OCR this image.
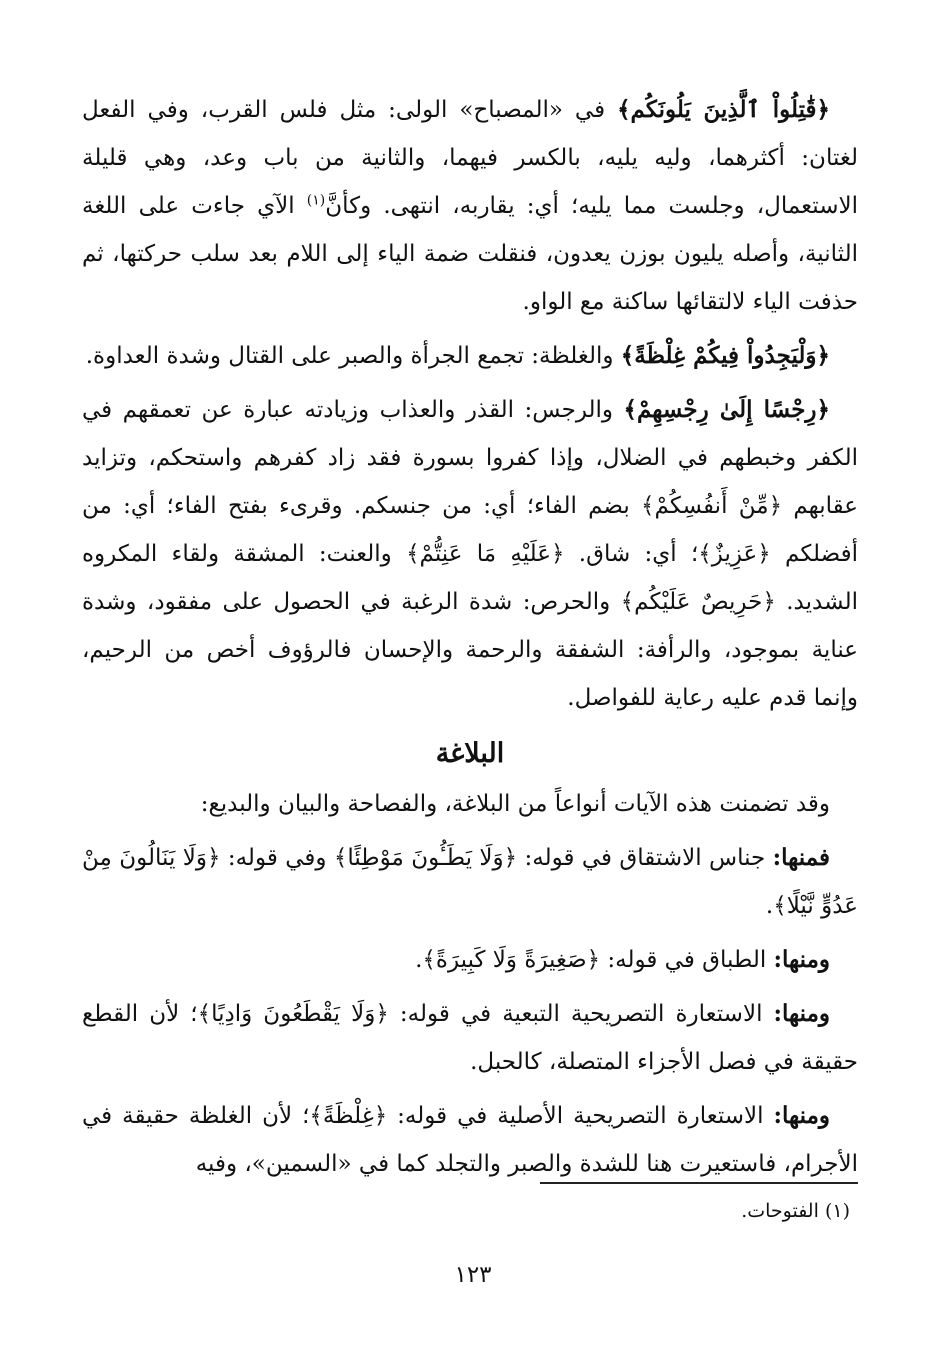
﴿قَٰتِلُواْ ٱلَّذِينَ يَلُونَكُم﴾ في «المصباح» الولى: مثل فلس القرب، وفي الفعل لغتان: أكثرهما، وليه يليه، بالكسر فيهما، والثانية من باب وعد، وهي قليلة الاستعمال، وجلست مما يليه؛ أي: يقاربه، انتهى. وكأنَّ$^{(١)}$ الآي جاءت على اللغة الثانية، وأصله يليون بوزن يعدون، فنقلت ضمة الياء إلى اللام بعد سلب حركتها، ثم حذفت الياء لالتقائها ساكنة مع الواو.

﴿وَلْيَجِدُواْ فِيكُمْ غِلْظَةً﴾ والغلظة: تجمع الجرأة والصبر على القتال وشدة العداوة.

﴿رِجْسًا إِلَىٰ رِجْسِهِمْ﴾ والرجس: القذر والعذاب وزيادته عبارة عن تعمقهم في الكفر وخبطهم في الضلال، وإذا كفروا بسورة فقد زاد كفرهم واستحكم، وتزايد عقابهم ﴿مِّنْ أَنفُسِكُمْ﴾ بضم الفاء؛ أي: من جنسكم. وقرىء بفتح الفاء؛ أي: من أفضلكم ﴿عَزِيزٌ﴾؛ أي: شاق. ﴿عَلَيْهِ مَا عَنِتُّمْ﴾ والعنت: المشقة ولقاء المكروه الشديد. ﴿حَرِيصٌ عَلَيْكُم﴾ والحرص: شدة الرغبة في الحصول على مفقود، وشدة عناية بموجود، والرأفة: الشفقة والرحمة والإحسان فالرؤوف أخص من الرحيم، وإنما قدم عليه رعاية للفواصل.

البلاغة

وقد تضمنت هذه الآيات أنواعاً من البلاغة، والفصاحة والبيان والبديع:

فمنها: جناس الاشتقاق في قوله: ﴿وَلَا يَطَـُٔونَ مَوْطِئًا﴾ وفي قوله: ﴿وَلَا يَنَالُونَ مِنْ عَدُوٍّ نَّيْلًا﴾.

ومنها: الطباق في قوله: ﴿صَغِيرَةً وَلَا كَبِيرَةً﴾.

ومنها: الاستعارة التصريحية التبعية في قوله: ﴿وَلَا يَقْطَعُونَ وَادِيًا﴾؛ لأن القطع حقيقة في فصل الأجزاء المتصلة، كالحبل.

ومنها: الاستعارة التصريحية الأصلية في قوله: ﴿غِلْظَةً﴾؛ لأن الغلظة حقيقة في الأجرام، فاستعيرت هنا للشدة والصبر والتجلد كما في «السمين»، وفيه

(١) الفتوحات.
١٢٣
